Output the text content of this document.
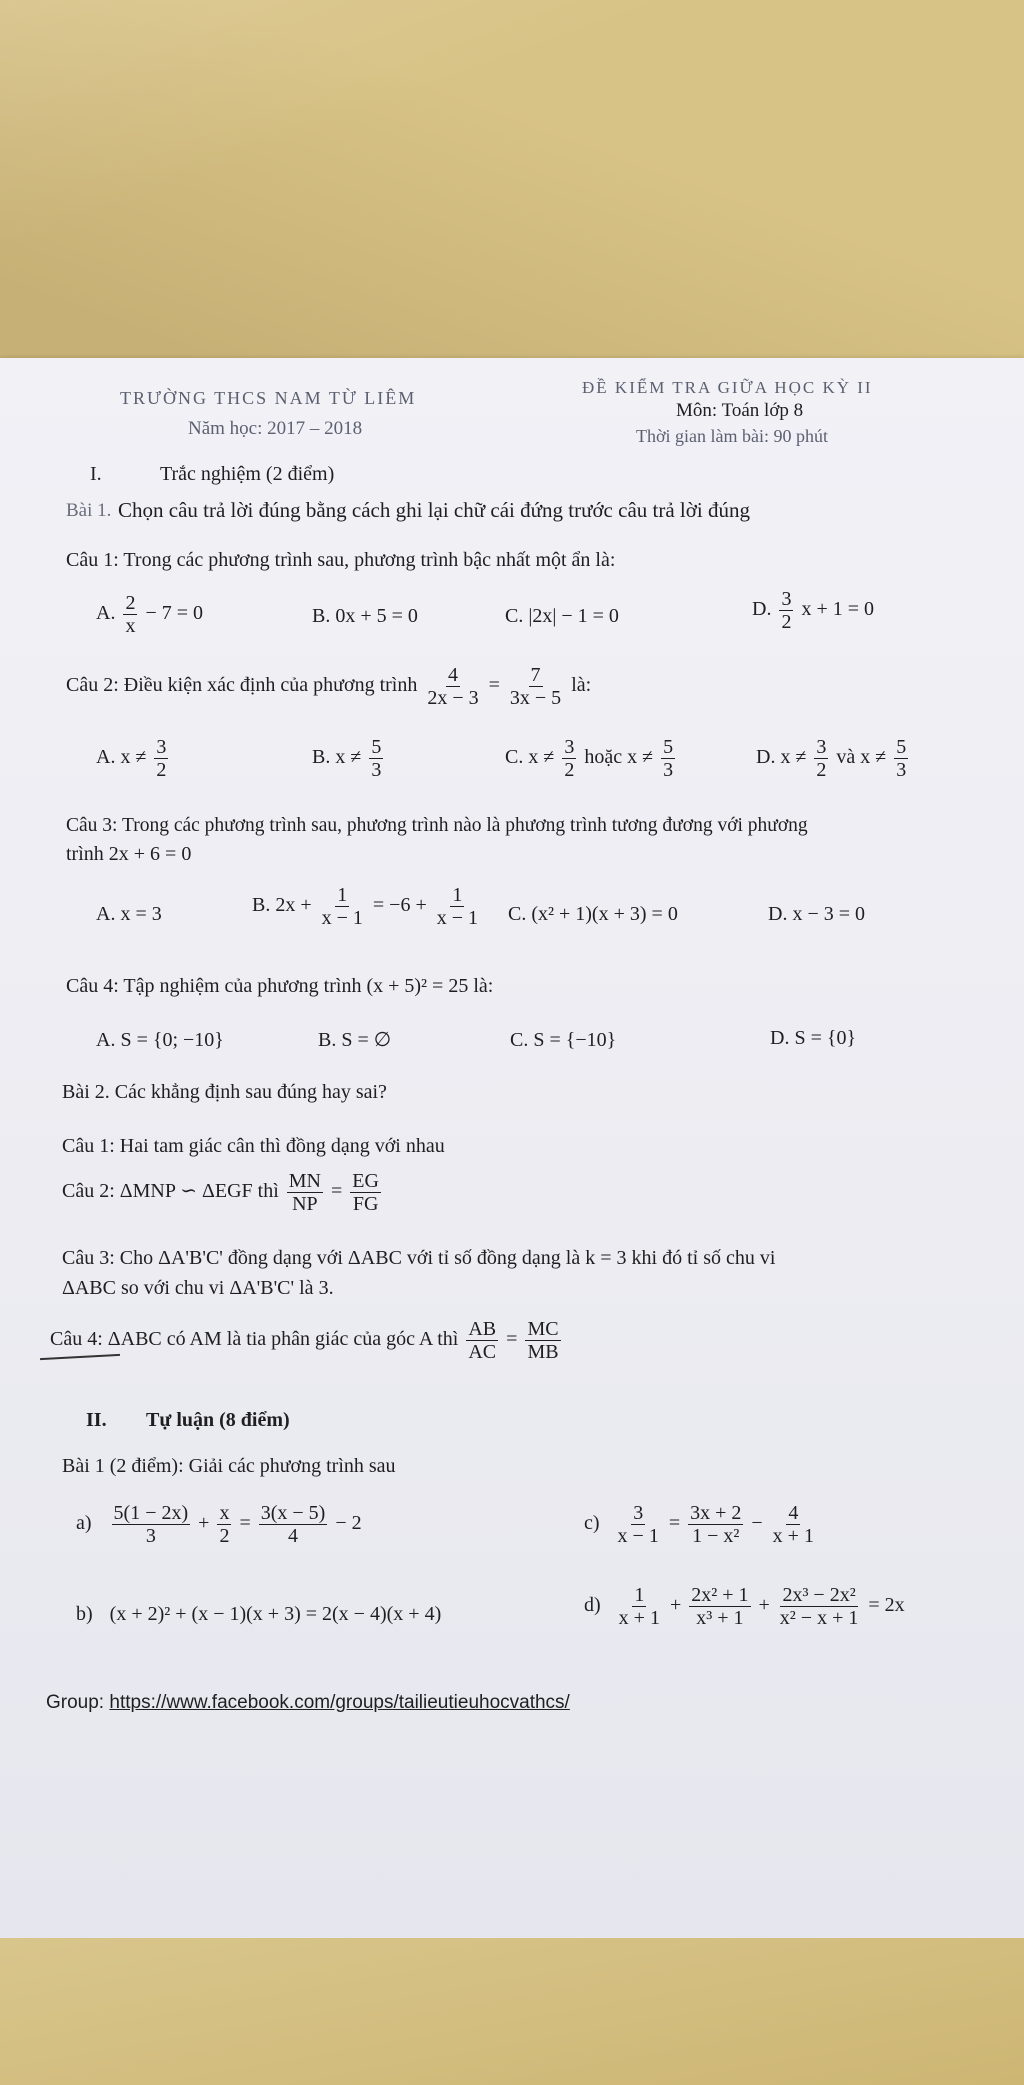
TRƯỜNG THCS NAM TỪ LIÊM
Năm học: 2017 – 2018
ĐỀ KIỂM TRA GIỮA HỌC KỲ II
Môn: Toán lớp 8
Thời gian làm bài: 90 phút
I.	Trắc nghiệm (2 điểm)
Bài 1. Chọn câu trả lời đúng bằng cách ghi lại chữ cái đứng trước câu trả lời đúng
Câu 1: Trong các phương trình sau, phương trình bậc nhất một ẩn là:
A. $\frac{2}{x} - 7 = 0$	B. 0x + 5 = 0	C. |2x| − 1 = 0	D. $\frac{3}{2}$ x + 1 = 0
Câu 2: Điều kiện xác định của phương trình $\frac{4}{2x - 3} = \frac{7}{3x - 5}$ là:
A. $x \ne \frac{3}{2}$	B. $x \ne \frac{5}{3}$	C. $x \ne \frac{3}{2}$ hoặc $x \ne \frac{5}{3}$	D. $x \ne \frac{3}{2}$ và $x \ne \frac{5}{3}$
Câu 3: Trong các phương trình sau, phương trình nào là phương trình tương đương với phương
trình 2x + 6 = 0
A. x = 3	B. $2x + \frac{1}{x - 1} = -6 + \frac{1}{x - 1} C$. (x² + 1)(x + 3) = 0	D. x − 3 = 0
Câu 4: Tập nghiệm của phương trình (x + 5)² = 25 là:
A. S = {0; −10}	B. S = ∅	C. S = {−10}	D. S = {0}
Bài 2. Các khẳng định sau đúng hay sai?
Câu 1: Hai tam giác cân thì đồng dạng với nhau
Câu 2: ΔMNP ∽ ΔEGF thì $\frac{MN}{NP} = \frac{EG}{FG}$
Câu 3: Cho ΔA'B'C' đồng dạng với ΔABC với tỉ số đồng dạng là k = 3 khi đó tỉ số chu vi
ΔABC so với chu vi ΔA'B'C' là 3.
Câu 4: ΔABC có AM là tia phân giác của góc A thì $\frac{AB}{AC} = \frac{MC}{MB}$
II. Tự luận (8 điểm)
Bài 1 (2 điểm): Giải các phương trình sau
$a) \frac{5(1 - 2x)}{3} + \frac{x}{2} = \frac{3(x - 5)}{4} - 2$	$c) \frac{3}{x - 1} = \frac{3x + 2}{\text{1 − x²}} - \frac{4}{x + 1}$
b) (x + 2)² + (x − 1)(x + 3) = 2(x − 4)(x + 4)	$d) \frac{1}{x + 1} + \frac{\text{2x² + 1}}{\text{x³ + 1}} + \frac{\text{2x³ − 2x²}}{\text{x² − x + 1}} = 2x$
Group: https://www.facebook.com/groups/tailieutieuhocvathcs/
